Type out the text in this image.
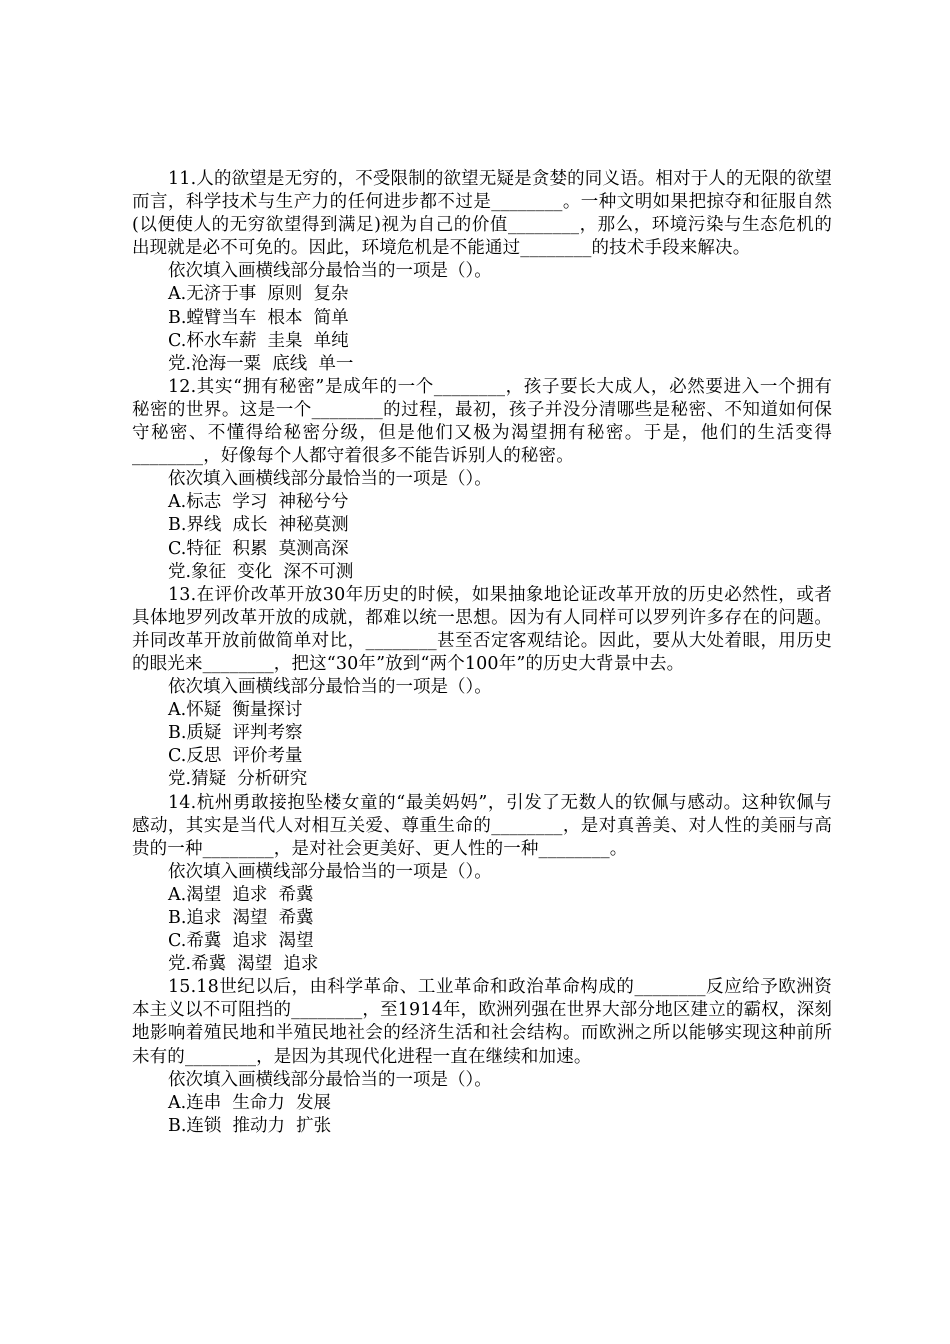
11.人的欲望是无穷的，不受限制的欲望无疑是贪婪的同义语。相对于人的无限的欲望而言，科学技术与生产力的任何进步都不过是________。一种文明如果把掠夺和征服自然(以便使人的无穷欲望得到满足)视为自己的价值________，那么，环境污染与生态危机的出现就是必不可免的。因此，环境危机是不能通过________的技术手段来解决。

依次填入画横线部分最恰当的一项是（）。

A.无济于事  原则  复杂

B.螳臂当车  根本  简单

C.杯水车薪  圭臬  单纯

党.沧海一粟  底线  单一

12.其实“拥有秘密”是成年的一个________，孩子要长大成人，必然要进入一个拥有秘密的世界。这是一个________的过程，最初，孩子并没分清哪些是秘密、不知道如何保守秘密、不懂得给秘密分级，但是他们又极为渴望拥有秘密。于是，他们的生活变得________，好像每个人都守着很多不能告诉别人的秘密。

依次填入画横线部分最恰当的一项是（）。

A.标志  学习  神秘兮兮

B.界线  成长  神秘莫测

C.特征  积累  莫测高深

党.象征  变化  深不可测

13.在评价改革开放30年历史的时候，如果抽象地论证改革开放的历史必然性，或者具体地罗列改革开放的成就，都难以统一思想。因为有人同样可以罗列许多存在的问题。并同改革开放前做简单对比，________甚至否定客观结论。因此，要从大处着眼，用历史的眼光来________，把这“30年”放到“两个100年”的历史大背景中去。

依次填入画横线部分最恰当的一项是（）。

A.怀疑  衡量探讨

B.质疑  评判考察

C.反思  评价考量

党.猜疑  分析研究

14.杭州勇敢接抱坠楼女童的“最美妈妈”，引发了无数人的钦佩与感动。这种钦佩与感动，其实是当代人对相互关爱、尊重生命的________，是对真善美、对人性的美丽与高贵的一种________，是对社会更美好、更人性的一种________。

依次填入画横线部分最恰当的一项是（）。

A.渴望  追求  希冀

B.追求  渴望  希冀

C.希冀  追求  渴望

党.希冀  渴望  追求

15.18世纪以后，由科学革命、工业革命和政治革命构成的________反应给予欧洲资本主义以不可阻挡的________，至1914年，欧洲列强在世界大部分地区建立的霸权，深刻地影响着殖民地和半殖民地社会的经济生活和社会结构。而欧洲之所以能够实现这种前所未有的________，是因为其现代化进程一直在继续和加速。

依次填入画横线部分最恰当的一项是（）。

A.连串  生命力  发展

B.连锁  推动力  扩张
